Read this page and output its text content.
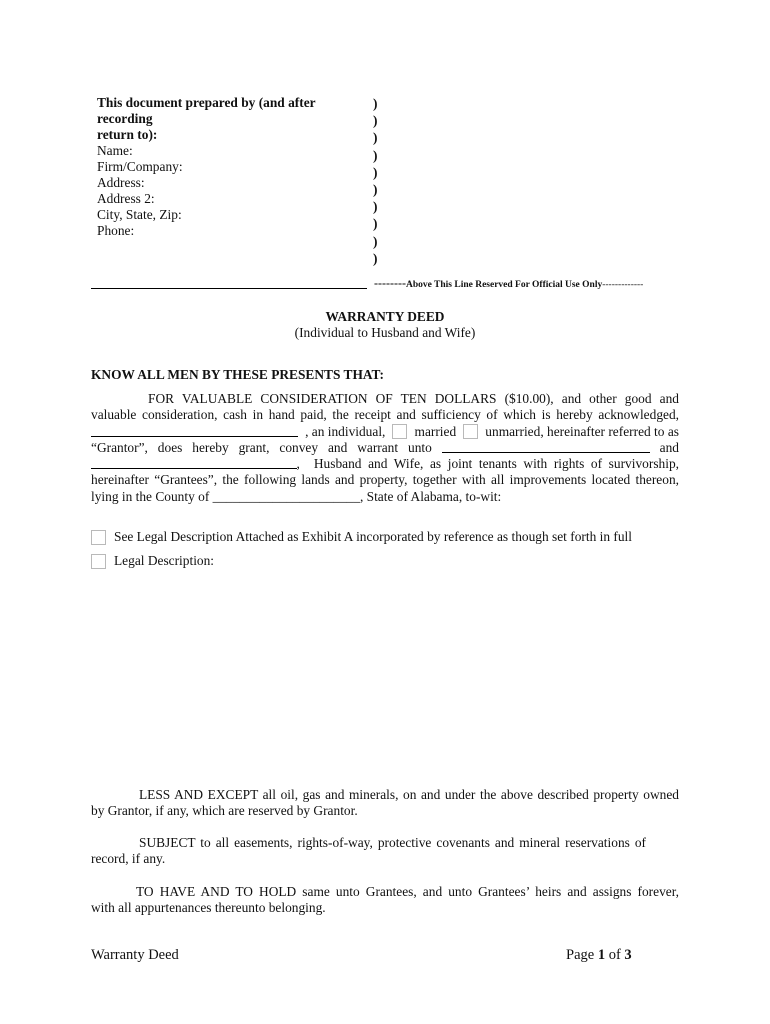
This document prepared by (and after recording
return to):
Name:
Firm/Company:
Address:
Address 2:
City, State, Zip:
Phone:
)
)
)
)
)
)
)
)
)
)
--------Above This Line Reserved For Official Use Only-------------
WARRANTY DEED
(Individual to Husband and Wife)
KNOW ALL MEN BY THESE PRESENTS THAT:
FOR VALUABLE CONSIDERATION OF TEN DOLLARS ($10.00), and other good and
valuable consideration, cash in hand paid, the receipt and sufficiency of which is hereby acknowledged,
, an individual, married unmarried, hereinafter referred to as
“Grantor”, does hereby grant, convey and warrant unto	and
, Husband and Wife, as joint tenants with rights of survivorship,
hereinafter “Grantees”, the following lands and property, together with all improvements located thereon,
lying in the County of
______________________ , State of Alabama, to-wit:
See Legal Description Attached as Exhibit A incorporated by reference as though set forth in full
Legal Description:
LESS AND EXCEPT all oil, gas and minerals, on and under the above described property owned
by Grantor, if any, which are reserved by Grantor.
SUBJECT to all easements, rights-of-way, protective covenants and mineral reservations of
record, if any.
TO HAVE AND TO HOLD same unto Grantees, and unto Grantees’ heirs and assigns forever,
with all appurtenances thereunto belonging.
Warranty Deed	Page 1 of 3
